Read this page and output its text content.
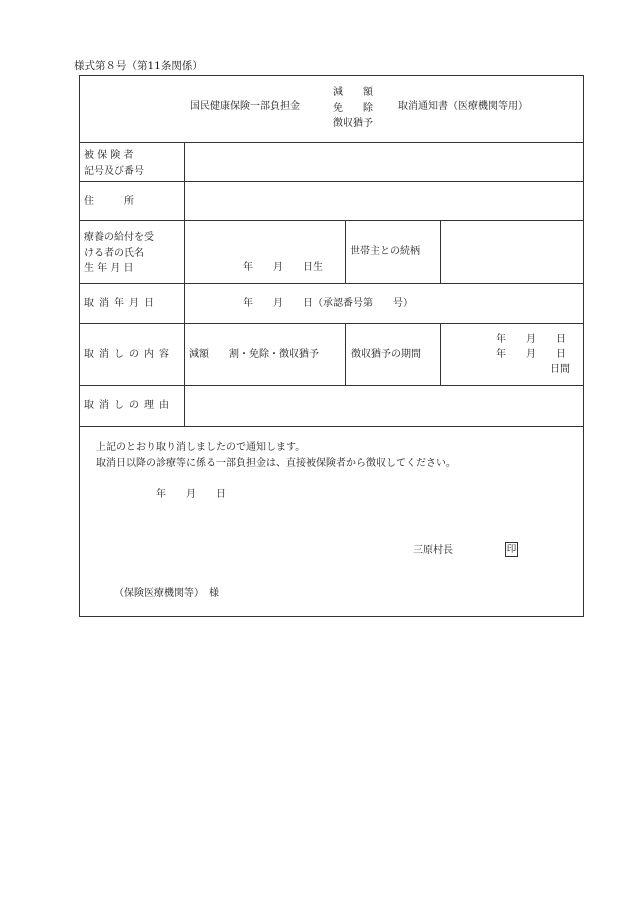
様式第８号（第11条関係）
国民健康保険一部負担金
減　　額
免　　除
徴収猶予
取消通知書（医療機関等用）
被 保 険 者
記号及び番号
住　　　所
療養の給付を受
ける者の氏名
生 年 月 日	年　　月　　日生
世帯主との続柄
取消年月日	年　　月　　日（承認番号第　　号）
取消しの内容 減額　　割・免除・徴収猶予	徴収猶予の期間
年　　月　　日
年　　月　　日
日間
取消しの理由
上記のとおり取り消しましたので通知します。
取消日以降の診療等に係る一部負担金は、直接被保険者から徴収してください。
年　　月　　日
三原村長	印
（保険医療機関等）　様
